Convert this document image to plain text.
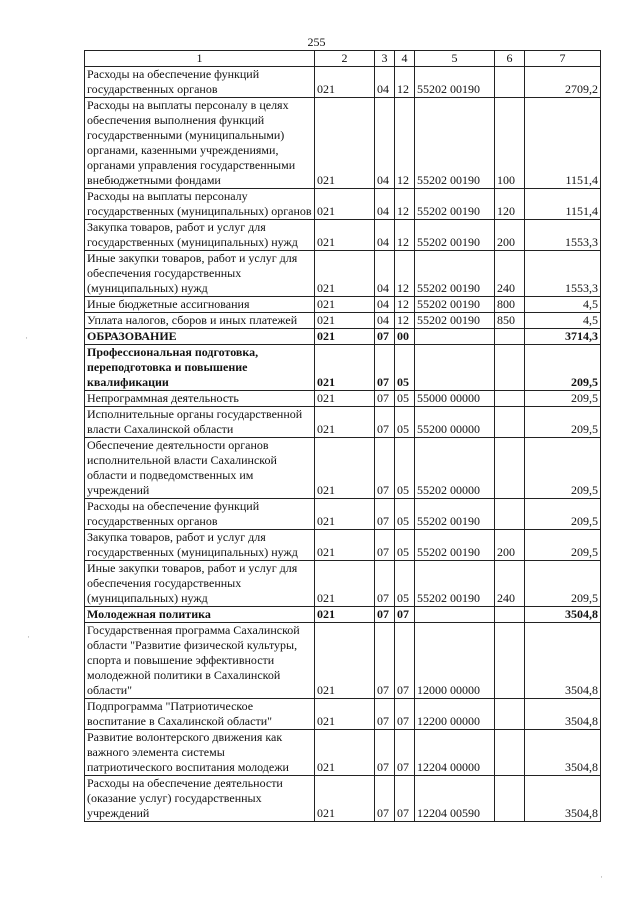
255
1	2	3	4	5	6	7
Расходы на обеспечение функций государственных органов	021	04	12	55202 00190		2709,2
Расходы на выплаты персоналу в целях обеспечения выполнения функций государственными (муниципальными) органами, казенными учреждениями, органами управления государственными внебюджетными фондами	021	04	12	55202 00190	100	1151,4
Расходы на выплаты персоналу государственных (муниципальных) органов	021	04	12	55202 00190	120	1151,4
Закупка товаров, работ и услуг для государственных (муниципальных) нужд	021	04	12	55202 00190	200	1553,3
Иные закупки товаров, работ и услуг для обеспечения государственных (муниципальных) нужд	021	04	12	55202 00190	240	1553,3
Иные бюджетные ассигнования	021	04	12	55202 00190	800	4,5
Уплата налогов, сборов и иных платежей	021	04	12	55202 00190	850	4,5
ОБРАЗОВАНИЕ	021	07	00			3714,3
Профессиональная подготовка, переподготовка и повышение квалификации	021	07	05			209,5
Непрограммная деятельность	021	07	05	55000 00000		209,5
Исполнительные органы государственной власти Сахалинской области	021	07	05	55200 00000		209,5
Обеспечение деятельности органов исполнительной власти Сахалинской области и подведомственных им учреждений	021	07	05	55202 00000		209,5
Расходы на обеспечение функций государственных органов	021	07	05	55202 00190		209,5
Закупка товаров, работ и услуг для государственных (муниципальных) нужд	021	07	05	55202 00190	200	209,5
Иные закупки товаров, работ и услуг для обеспечения государственных (муниципальных) нужд	021	07	05	55202 00190	240	209,5
Молодежная политика	021	07	07			3504,8
Государственная программа Сахалинской области "Развитие физической культуры, спорта и повышение эффективности молодежной политики в Сахалинской области"	021	07	07	12000 00000		3504,8
Подпрограмма "Патриотическое воспитание в Сахалинской области"	021	07	07	12200 00000		3504,8
Развитие волонтерского движения как важного элемента системы патриотического воспитания молодежи	021	07	07	12204 00000		3504,8
Расходы на обеспечение деятельности (оказание услуг) государственных учреждений	021	07	07	12204 00590		3504,8
·
·
·
